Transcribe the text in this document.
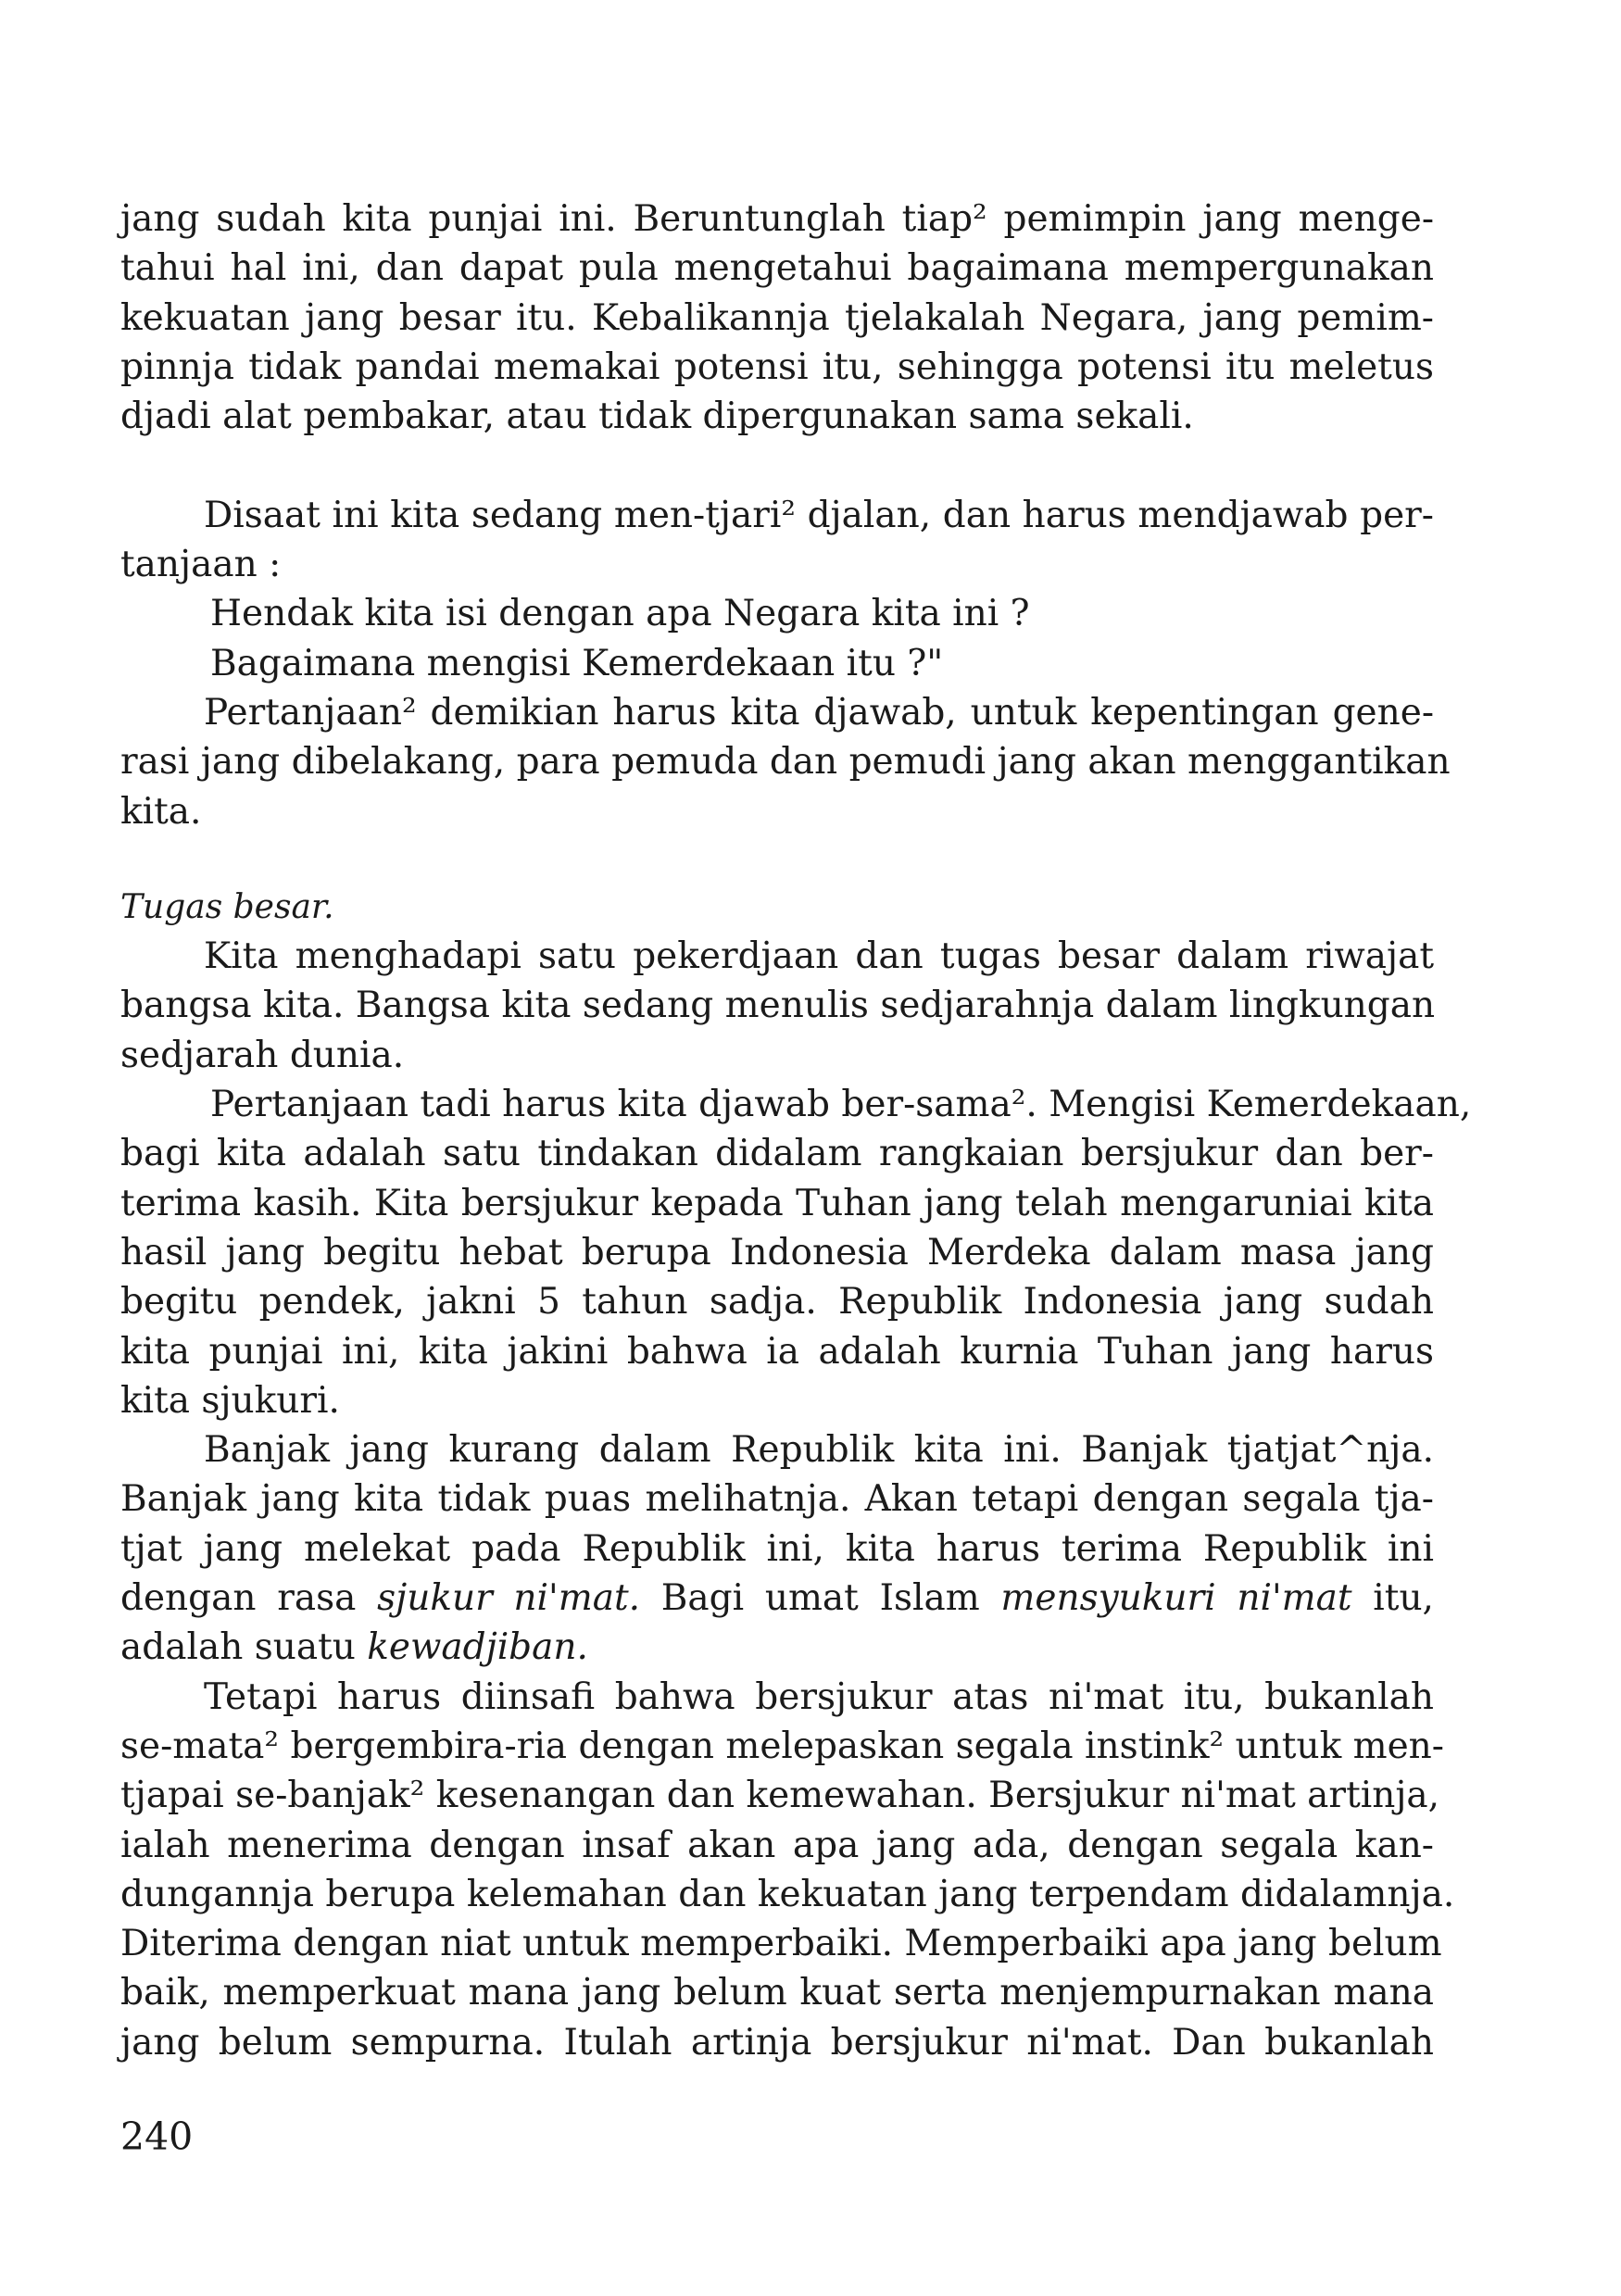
jang sudah kita punjai ini. Beruntunglah tiap² pemimpin jang menge-
tahui hal ini, dan dapat pula mengetahui bagaimana mempergunakan
kekuatan jang besar itu. Kebalikannja tjelakalah Negara, jang pemim-
pinnja tidak pandai memakai potensi itu, sehingga potensi itu meletus
djadi alat pembakar, atau tidak dipergunakan sama sekali.
Disaat ini kita sedang men-tjari² djalan, dan harus mendjawab per-
tanjaan :
Hendak kita isi dengan apa Negara kita ini ?
Bagaimana mengisi Kemerdekaan itu ?"
Pertanjaan² demikian harus kita djawab, untuk kepentingan gene-
rasi jang dibelakang, para pemuda dan pemudi jang akan menggantikan
kita.
Tugas besar.
Kita menghadapi satu pekerdjaan dan tugas besar dalam riwajat
bangsa kita. Bangsa kita sedang menulis sedjarahnja dalam lingkungan
sedjarah dunia.
Pertanjaan tadi harus kita djawab ber-sama². Mengisi Kemerdekaan,
bagi kita adalah satu tindakan didalam rangkaian bersjukur dan ber-
terima kasih. Kita bersjukur kepada Tuhan jang telah mengaruniai kita
hasil jang begitu hebat berupa Indonesia Merdeka dalam masa jang
begitu pendek, jakni 5 tahun sadja. Republik Indonesia jang sudah
kita punjai ini, kita jakini bahwa ia adalah kurnia Tuhan jang harus
kita sjukuri.
Banjak jang kurang dalam Republik kita ini. Banjak tjatjat^nja.
Banjak jang kita tidak puas melihatnja. Akan tetapi dengan segala tja-
tjat jang melekat pada Republik ini, kita harus terima Republik ini
dengan rasa sjukur ni'mat. Bagi umat Islam mensyukuri ni'mat itu,
adalah suatu kewadjiban.
Tetapi harus diinsafi bahwa bersjukur atas ni'mat itu, bukanlah
se-mata² bergembira-ria dengan melepaskan segala instink² untuk men-
tjapai se-banjak² kesenangan dan kemewahan. Bersjukur ni'mat artinja,
ialah menerima dengan insaf akan apa jang ada, dengan segala kan-
dungannja berupa kelemahan dan kekuatan jang terpendam didalamnja.
Diterima dengan niat untuk memperbaiki. Memperbaiki apa jang belum
baik, memperkuat mana jang belum kuat serta menjempurnakan mana
jang belum sempurna. Itulah artinja bersjukur ni'mat. Dan bukanlah
240
